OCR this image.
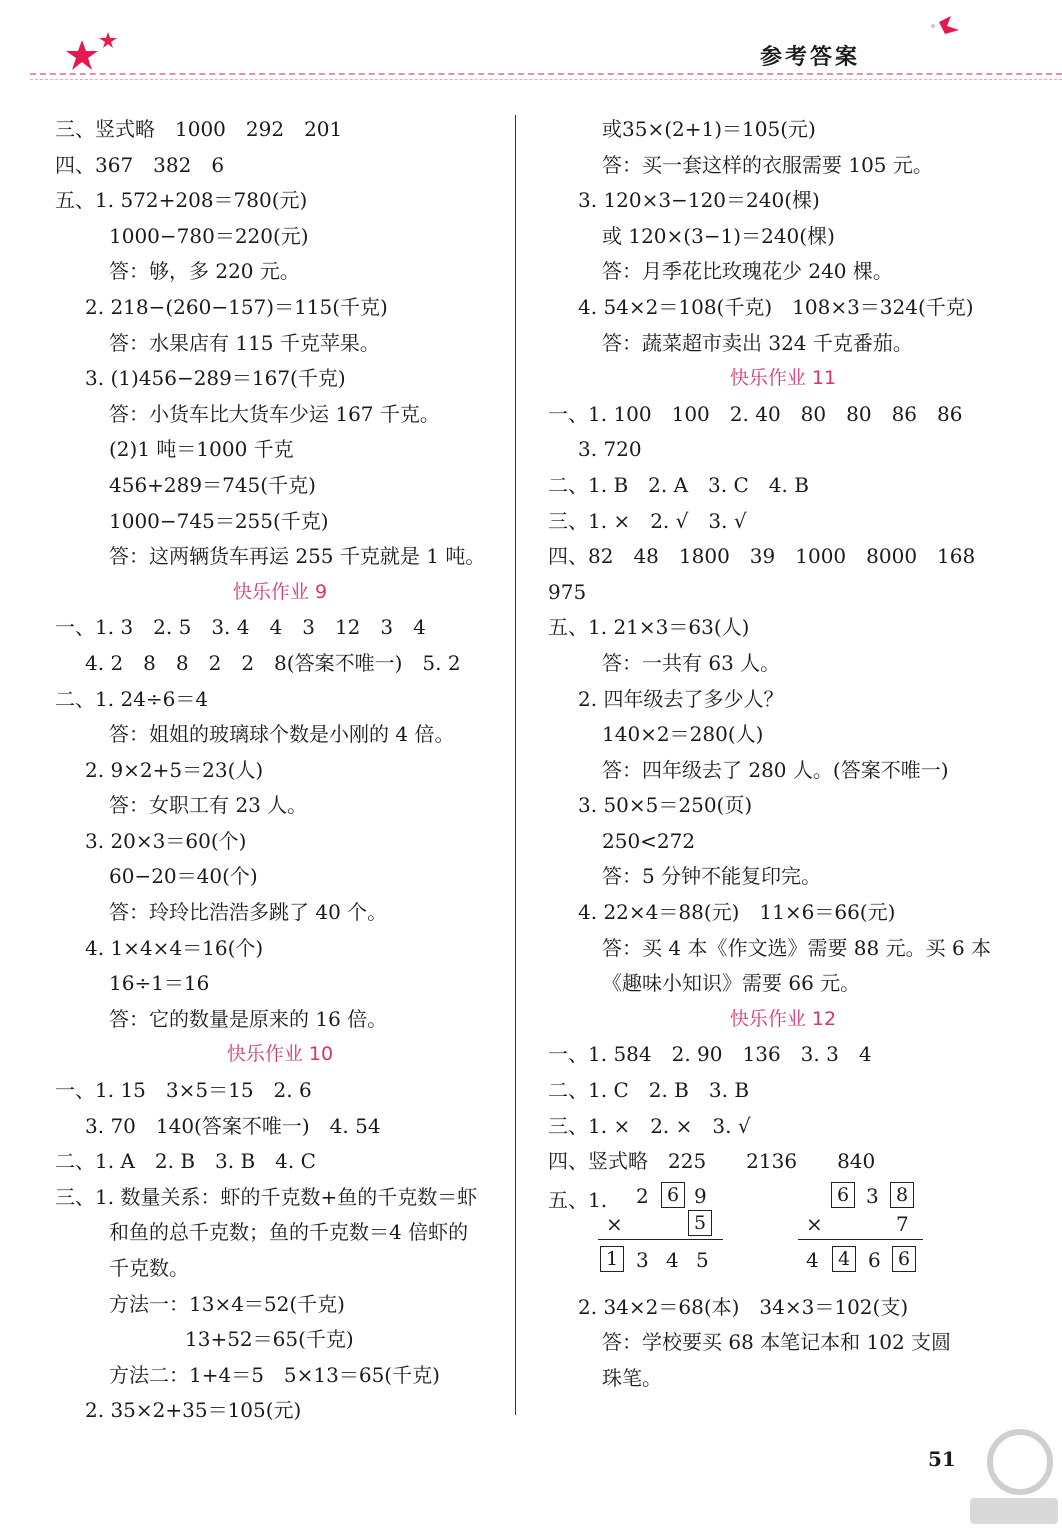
参考答案
三、竖式略　1000　292　201
四、367　382　6
五、1. 572+208＝780(元)
1000−780＝220(元)
答：够，多 220 元。
2. 218−(260−157)＝115(千克)
答：水果店有 115 千克苹果。
3. (1)456−289＝167(千克)
答：小货车比大货车少运 167 千克。
(2)1 吨＝1000 千克
456+289＝745(千克)
1000−745＝255(千克)
答：这两辆货车再运 255 千克就是 1 吨。
快乐作业 9
一、1. 3　2. 5　3. 4　4　3　12　3　4
4. 2　8　8　2　2　8(答案不唯一)　5. 2
二、1. 24÷6＝4
答：姐姐的玻璃球个数是小刚的 4 倍。
2. 9×2+5＝23(人)
答：女职工有 23 人。
3. 20×3＝60(个)
60−20＝40(个)
答：玲玲比浩浩多跳了 40 个。
4. 1×4×4＝16(个)
16÷1＝16
答：它的数量是原来的 16 倍。
快乐作业 10
一、1. 15　3×5＝15　2. 6
3. 70　140(答案不唯一)　4. 54
二、1. A　2. B　3. B　4. C
三、1. 数量关系：虾的千克数+鱼的千克数＝虾
和鱼的总千克数；鱼的千克数＝4 倍虾的
千克数。
方法一：13×4＝52(千克)
13+52＝65(千克)
方法二：1+4＝5　5×13＝65(千克)
2. 35×2+35＝105(元)
或35×(2+1)＝105(元)
答：买一套这样的衣服需要 105 元。
3. 120×3−120＝240(棵)
或 120×(3−1)＝240(棵)
答：月季花比玫瑰花少 240 棵。
4. 54×2＝108(千克)　108×3＝324(千克)
答：蔬菜超市卖出 324 千克番茄。
快乐作业 11
一、1. 100　100　2. 40　80　80　86　86
3. 720
二、1. B　2. A　3. C　4. B
三、1. ×　2. √　3. √
四、82　48　1800　39　1000　8000　168
975
五、1. 21×3＝63(人)
答：一共有 63 人。
2. 四年级去了多少人？
140×2＝280(人)
答：四年级去了 280 人。(答案不唯一)
3. 50×5＝250(页)
250<272
答：5 分钟不能复印完。
4. 22×4＝88(元)　11×6＝66(元)
答：买 4 本《作文选》需要 88 元。买 6 本
《趣味小知识》需要 66 元。
快乐作业 12
一、1. 584　2. 90　136　3. 3　4
二、1. C　2. B　3. B
三、1. ×　2. ×　3. √
四、竖式略　225　　2136　　840
五、1. 2 6 9
×	5
1 3 4 5
6 3 8
×	7
4	4 6 6
2. 34×2＝68(本)　34×3＝102(支)
答：学校要买 68 本笔记本和 102 支圆
珠笔。
51
